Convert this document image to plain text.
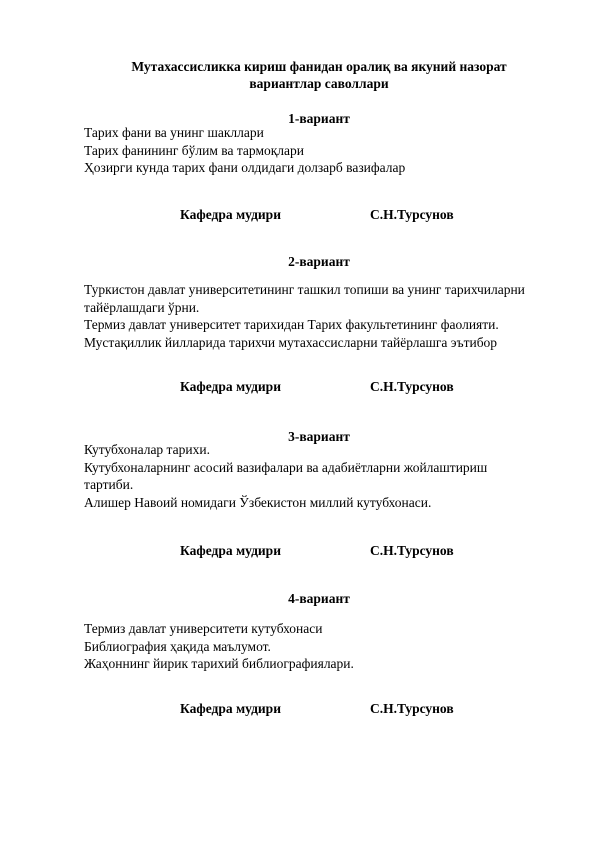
Мутахассисликка кириш фанидан оралиқ ва якуний назорат
вариантлар саволлари
1-вариант
Тарих фани ва унинг шакллари
Тарих фанининг бўлим ва тармоқлари
Ҳозирги кунда тарих фани олдидаги долзарб вазифалар
Кафедра мудири	С.Н.Турсунов
2-вариант
Туркистон давлат университетининг ташкил топиши ва унинг тарихчиларни
тайёрлашдаги ўрни.
Термиз давлат университет тарихидан Тарих факультетининг фаолияти.
Мустақиллик йилларида тарихчи мутахассисларни тайёрлашга эътибор
Кафедра мудири	С.Н.Турсунов
3-вариант
Кутубхоналар тарихи.
Кутубхоналарнинг асосий вазифалари ва адабиётларни жойлаштириш
тартиби.
Алишер Навоий номидаги Ўзбекистон миллий кутубхонаси.
Кафедра мудири	С.Н.Турсунов
4-вариант
Термиз давлат университети кутубхонаси
Библиография ҳақида маълумот.
Жаҳоннинг йирик тарихий библиографиялари.
Кафедра мудири	С.Н.Турсунов
